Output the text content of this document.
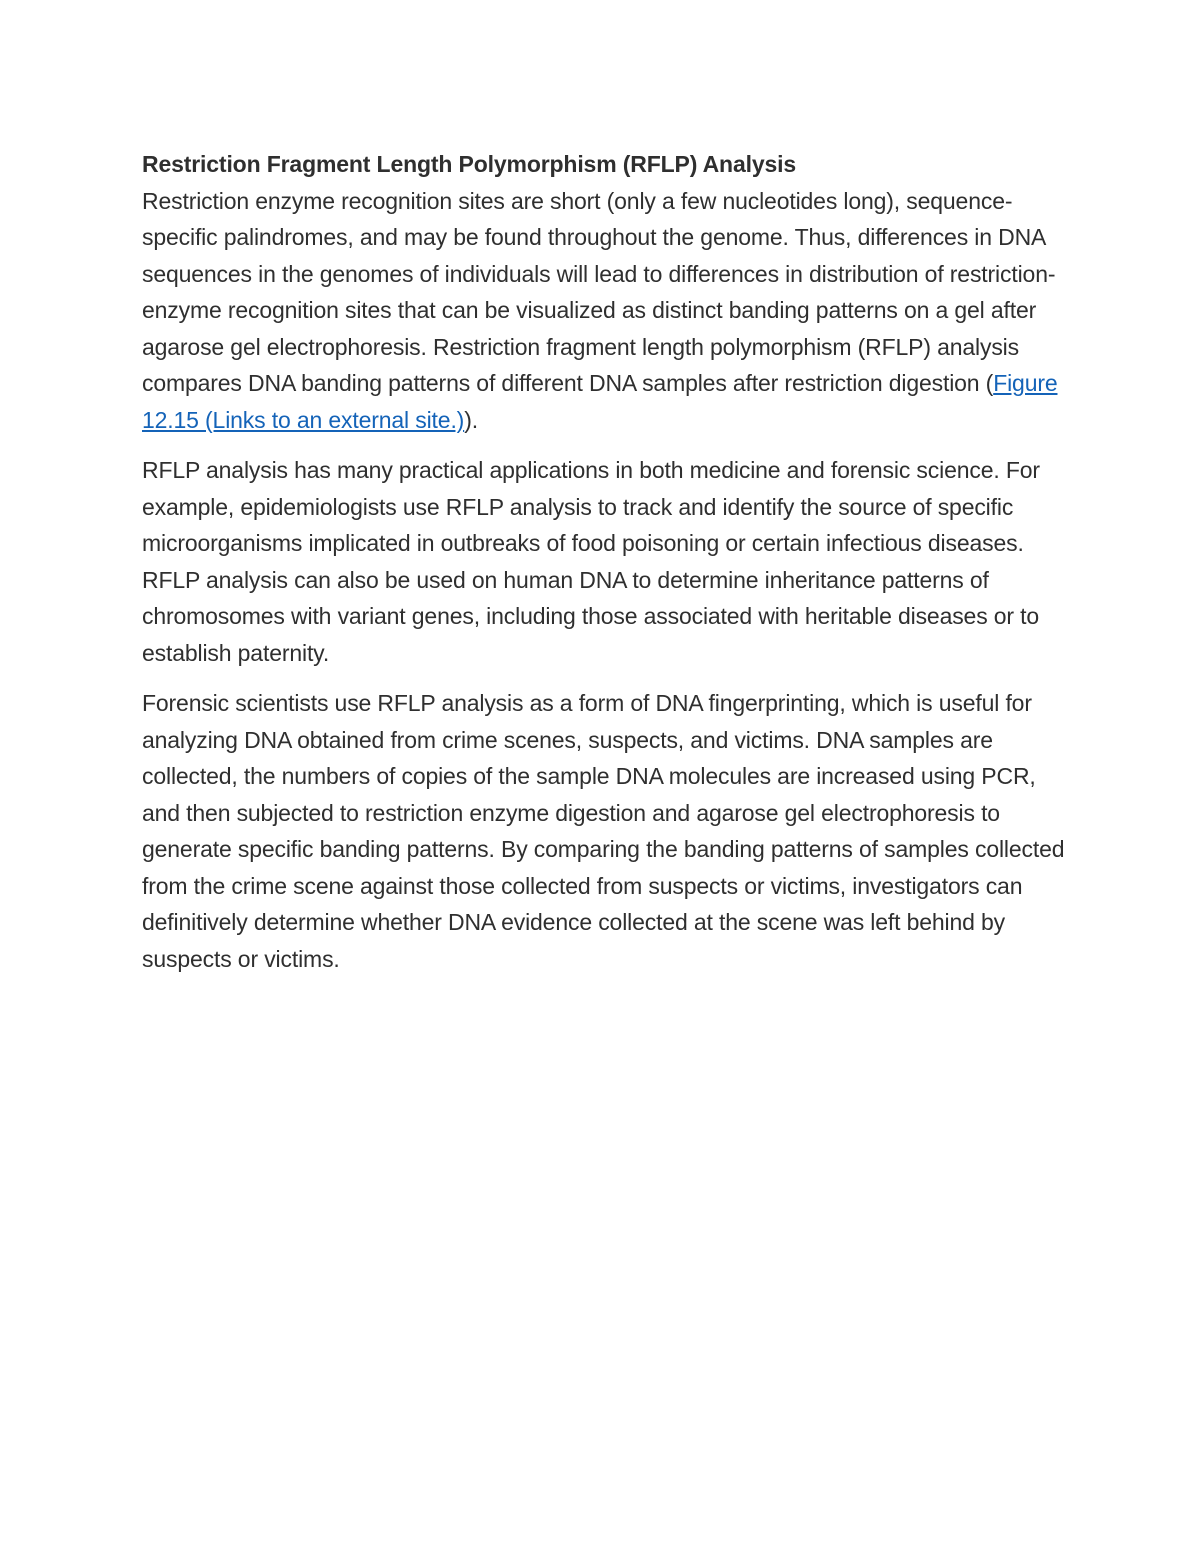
Restriction Fragment Length Polymorphism (RFLP) Analysis

Restriction enzyme recognition sites are short (only a few nucleotides long), sequence-specific palindromes, and may be found throughout the genome. Thus, differences in DNA sequences in the genomes of individuals will lead to differences in distribution of restriction-enzyme recognition sites that can be visualized as distinct banding patterns on a gel after agarose gel electrophoresis. Restriction fragment length polymorphism (RFLP) analysis compares DNA banding patterns of different DNA samples after restriction digestion (Figure 12.15 (Links to an external site.)).

RFLP analysis has many practical applications in both medicine and forensic science. For example, epidemiologists use RFLP analysis to track and identify the source of specific microorganisms implicated in outbreaks of food poisoning or certain infectious diseases. RFLP analysis can also be used on human DNA to determine inheritance patterns of chromosomes with variant genes, including those associated with heritable diseases or to establish paternity.

Forensic scientists use RFLP analysis as a form of DNA fingerprinting, which is useful for analyzing DNA obtained from crime scenes, suspects, and victims. DNA samples are collected, the numbers of copies of the sample DNA molecules are increased using PCR, and then subjected to restriction enzyme digestion and agarose gel electrophoresis to generate specific banding patterns. By comparing the banding patterns of samples collected from the crime scene against those collected from suspects or victims, investigators can definitively determine whether DNA evidence collected at the scene was left behind by suspects or victims.
